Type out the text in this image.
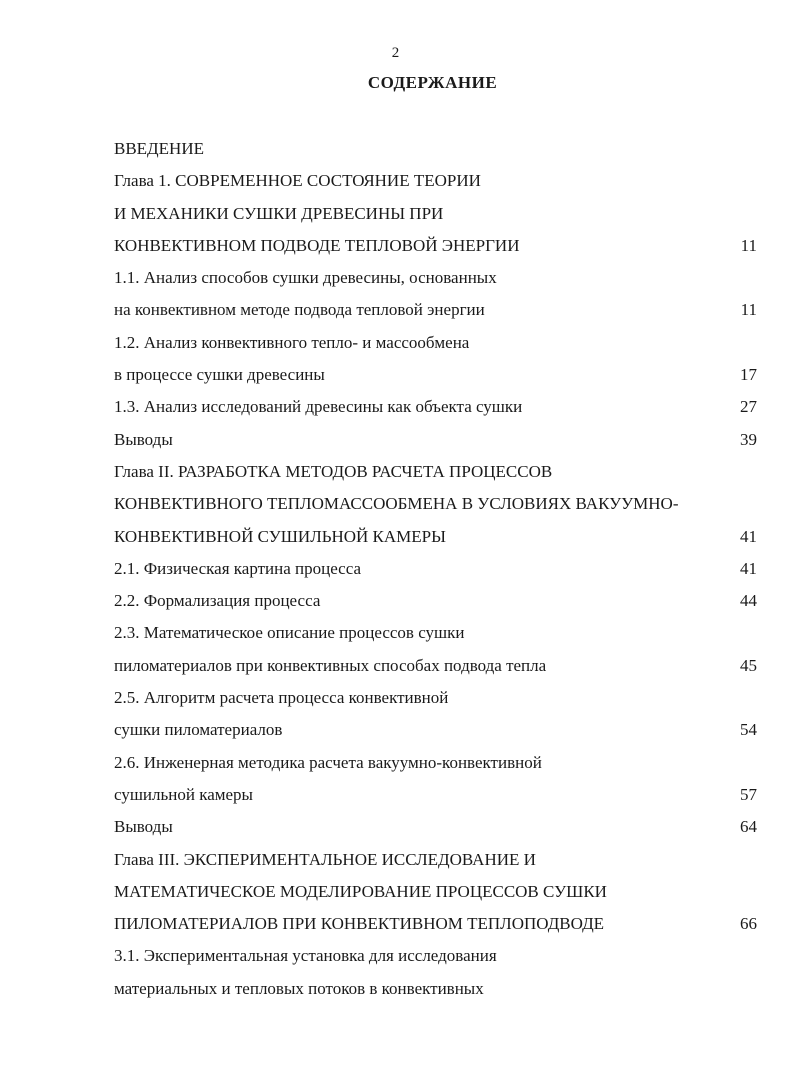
2
СОДЕРЖАНИЕ
ВВЕДЕНИЕ
Глава 1. СОВРЕМЕННОЕ СОСТОЯНИЕ ТЕОРИИ
И МЕХАНИКИ СУШКИ ДРЕВЕСИНЫ ПРИ
КОНВЕКТИВНОМ ПОДВОДЕ ТЕПЛОВОЙ ЭНЕРГИИ	11
1.1. Анализ способов сушки древесины, основанных
на конвективном методе подвода тепловой энергии	11
1.2. Анализ конвективного тепло- и массообмена
в процессе сушки древесины	17
1.3. Анализ исследований древесины как объекта сушки	27
Выводы	39
Глава II. РАЗРАБОТКА МЕТОДОВ РАСЧЕТА ПРОЦЕССОВ
КОНВЕКТИВНОГО ТЕПЛОМАССООБМЕНА В УСЛОВИЯХ ВАКУУМНО-
КОНВЕКТИВНОЙ СУШИЛЬНОЙ КАМЕРЫ	41
2.1. Физическая картина процесса	41
2.2. Формализация процесса	44
2.3. Математическое описание процессов сушки
пиломатериалов при конвективных способах подвода тепла	45
2.5. Алгоритм расчета процесса конвективной
сушки пиломатериалов	54
2.6. Инженерная методика расчета вакуумно-конвективной
сушильной камеры	57
Выводы	64
Глава III. ЭКСПЕРИМЕНТАЛЬНОЕ ИССЛЕДОВАНИЕ И
МАТЕМАТИЧЕСКОЕ МОДЕЛИРОВАНИЕ ПРОЦЕССОВ СУШКИ
ПИЛОМАТЕРИАЛОВ ПРИ КОНВЕКТИВНОМ ТЕПЛОПОДВОДЕ	66
3.1. Экспериментальная установка для исследования
материальных и тепловых потоков в конвективных
